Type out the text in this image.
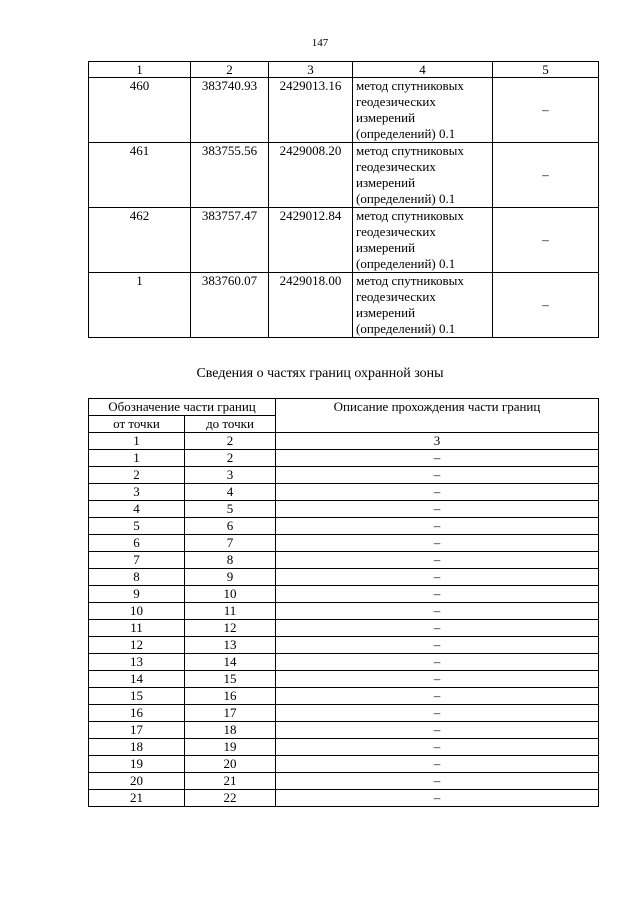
147
1	2	3	4	5
460	383740.93	2429013.16	метод спутниковых
геодезических
измерений
(определений) 0.1	–
461	383755.56	2429008.20	метод спутниковых
геодезических
измерений
(определений) 0.1	–
462	383757.47	2429012.84	метод спутниковых
геодезических
измерений
(определений) 0.1	–
1	383760.07	2429018.00	метод спутниковых
геодезических
измерений
(определений) 0.1	–
Сведения о частях границ охранной зоны
Обозначение части границ		Описание прохождения части границ
от точки	до точки	
1	2	3
1	2	–
2	3	–
3	4	–
4	5	–
5	6	–
6	7	–
7	8	–
8	9	–
9	10	–
10	11	–
11	12	–
12	13	–
13	14	–
14	15	–
15	16	–
16	17	–
17	18	–
18	19	–
19	20	–
20	21	–
21	22	–
